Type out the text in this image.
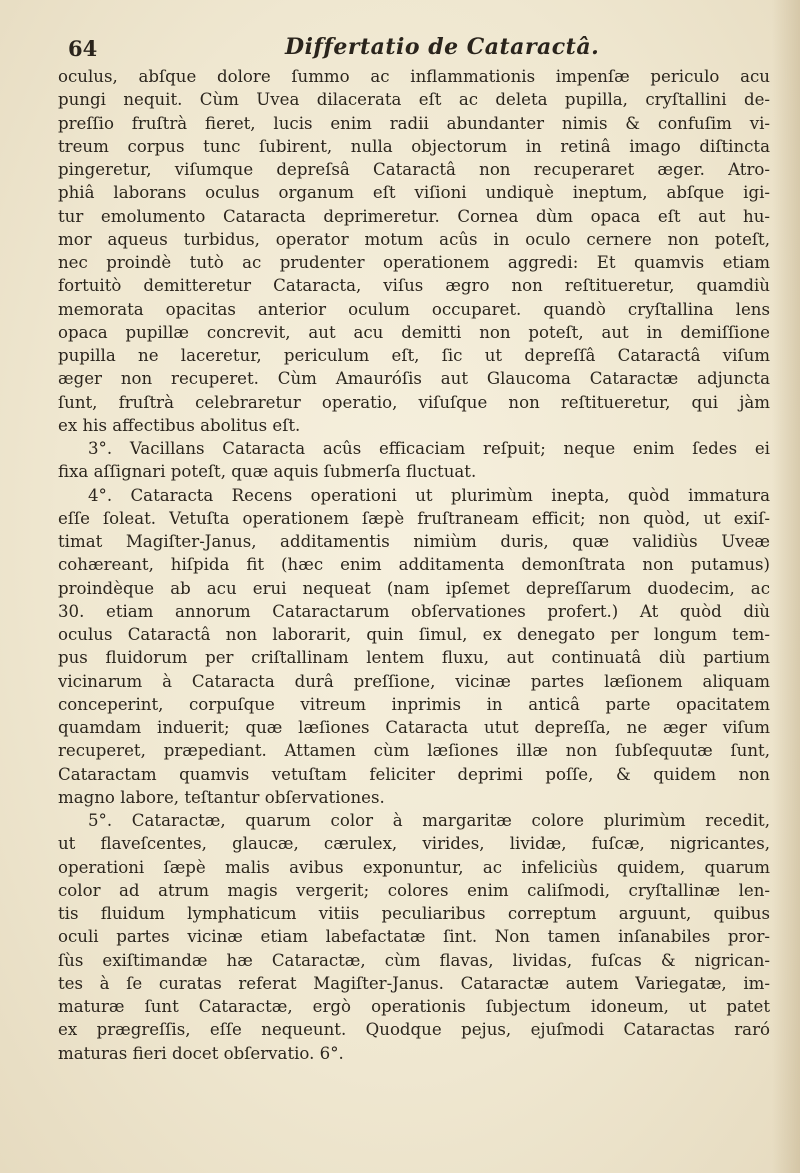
64	Differtatio de Cataractâ.
oculus, abſque dolore ſummo ac inflammationis impenſæ periculo acu
pungi nequit. Cùm Uvea dilacerata eſt ac deleta pupilla, cryſtallini de-
preſſio fruſtrà fieret, lucis enim radii abundanter nimis & confuſim vi-
treum corpus tunc ſubirent, nulla objectorum in retinâ imago diſtincta
pingeretur, viſumque depreſsâ Cataractâ non recuperaret æger. Atro-
phiâ laborans oculus organum eſt viſioni undiquè ineptum, abſque igi-
tur emolumento Cataracta deprimeretur. Cornea dùm opaca eſt aut hu-
mor aqueus turbidus, operator motum acûs in oculo cernere non poteſt,
nec proindè tutò ac prudenter operationem aggredi: Et quamvis etiam
fortuitò demitteretur Cataracta, viſus ægro non reſtitueretur, quamdiù
memorata opacitas anterior oculum occuparet. quandò cryſtallina lens
opaca pupillæ concrevit, aut acu demitti non poteſt, aut in demiſſione
pupilla ne laceretur, periculum eſt, ſic ut depreſſâ Cataractâ viſum
æger non recuperet. Cùm Amauróſis aut Glaucoma Cataractæ adjuncta
ſunt, fruſtrà celebraretur operatio, viſuſque non reſtitueretur, qui jàm
ex his affectibus abolitus eſt.
3°. Vacillans Cataracta acûs efficaciam reſpuit; neque enim ſedes ei
fixa aſſignari poteſt, quæ aquis ſubmerſa fluctuat.
4°. Cataracta Recens operationi ut plurimùm inepta, quòd immatura
eſſe ſoleat. Vetuſta operationem ſæpè fruſtraneam efficit; non quòd, ut exiſ-
timat Magiſter-Janus, additamentis nimiùm duris, quæ validiùs Uveæ
cohæreant, hiſpida fit (hæc enim additamenta demonſtrata non putamus)
proindèque ab acu erui nequeat (nam ipſemet depreſſarum duodecim, ac
30. etiam annorum Cataractarum obſervationes profert.) At quòd diù
oculus Cataractâ non laborarit, quin ſimul, ex denegato per longum tem-
pus fluidorum per criſtallinam lentem fluxu, aut continuatâ diù partium
vicinarum à Cataracta durâ preſſione, vicinæ partes læſionem aliquam
conceperint, corpuſque vitreum inprimis in anticâ parte opacitatem
quamdam induerit; quæ læſiones Cataracta utut depreſſa, ne æger viſum
recuperet, præpediant. Attamen cùm læſiones illæ non ſubſequutæ ſunt,
Cataractam quamvis vetuſtam feliciter deprimi poſſe, & quidem non
magno labore, teſtantur obſervationes.
5°. Cataractæ, quarum color à margaritæ colore plurimùm recedit,
ut flaveſcentes, glaucæ, cærulex, virides, lividæ, fuſcæ, nigricantes,
operationi ſæpè malis avibus exponuntur, ac infeliciùs quidem, quarum
color ad atrum magis vergerit; colores enim caliſmodi, cryſtallinæ len-
tis fluidum lymphaticum vitiis peculiaribus correptum arguunt, quibus
oculi partes vicinæ etiam labefactatæ ſint. Non tamen inſanabiles pror-
ſùs exiſtimandæ hæ Cataractæ, cùm flavas, lividas, fuſcas & nigrican-
tes à ſe curatas referat Magiſter-Janus. Cataractæ autem Variegatæ, im-
maturæ ſunt Cataractæ, ergò operationis ſubjectum idoneum, ut patet
ex prægreſſis, eſſe nequeunt. Quodque pejus, ejuſmodi Cataractas raró
maturas fieri docet obſervatio. 6°.
